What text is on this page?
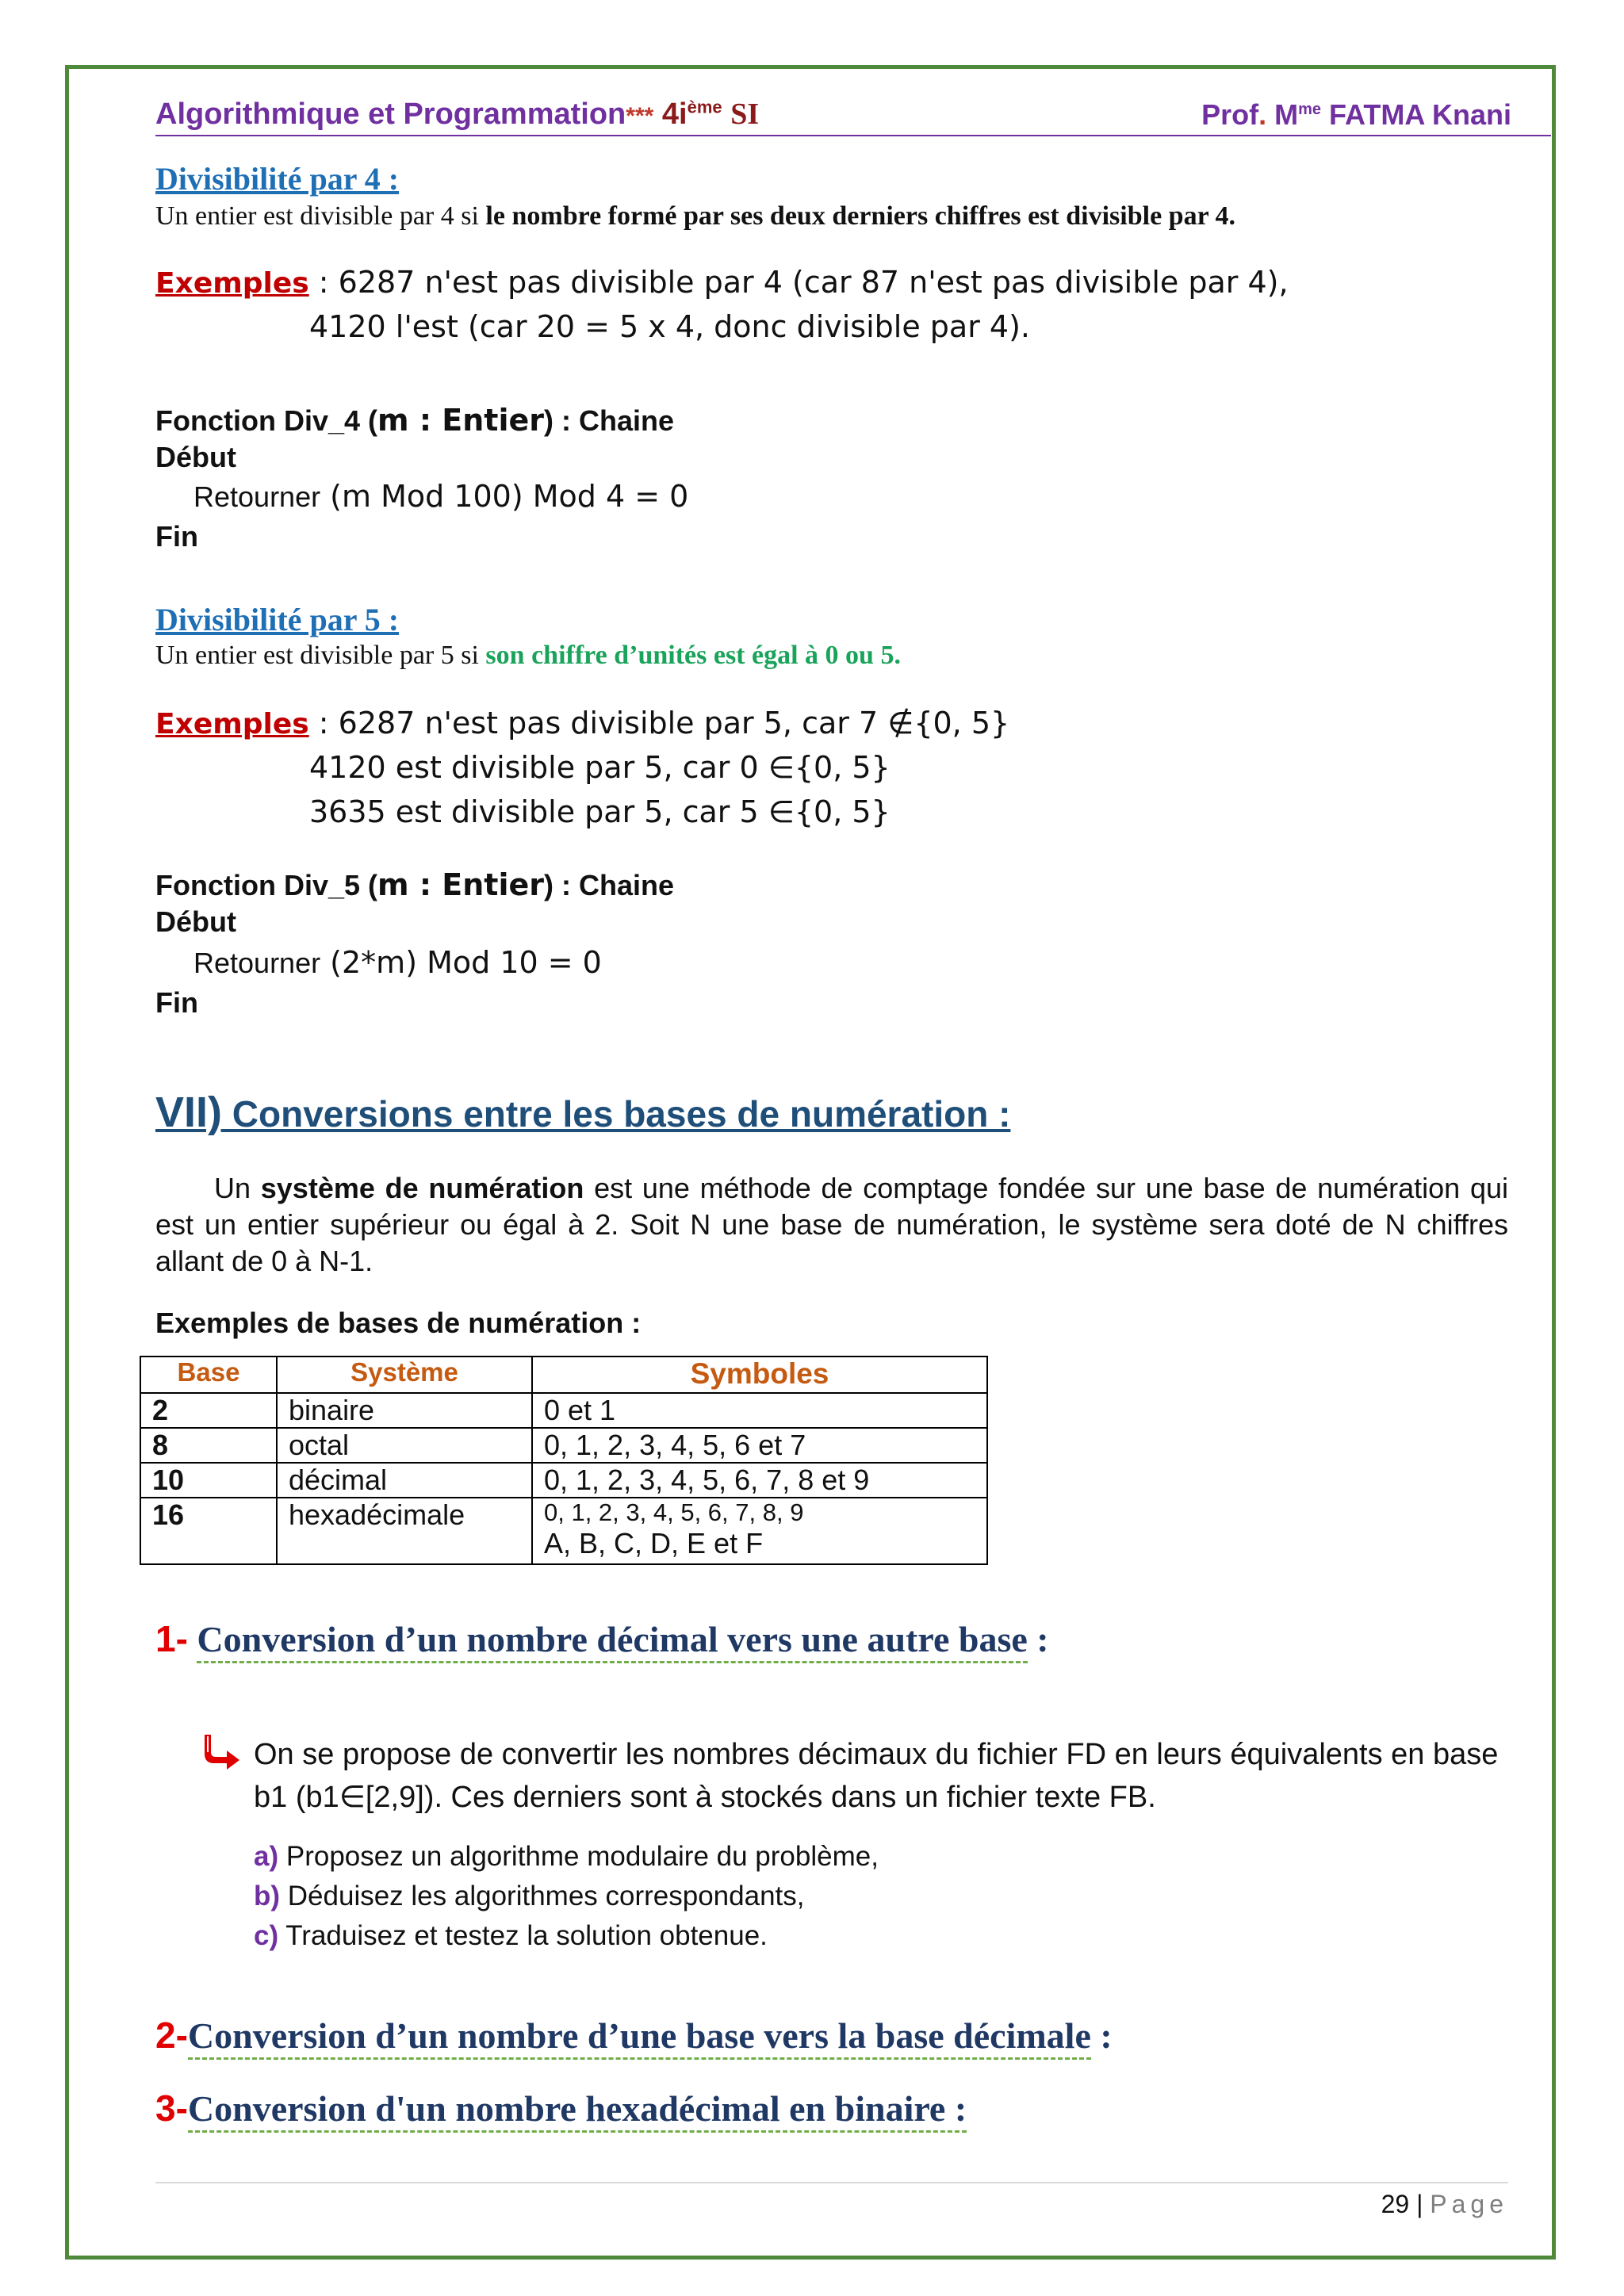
Algorithmique et Programmation*** $4i^{ème}$ SI	Prof. $M^{me}$ FATMA Knani
Divisibilité par 4 :
Un entier est divisible par 4 si le nombre formé par ses deux derniers chiffres est divisible par 4.
Exemples : 6287 n'est pas divisible par 4 (car 87 n'est pas divisible par 4),
4120 l'est (car 20 = 5 x 4, donc divisible par 4).
Fonction Div_4 (m : Entier) : Chaine
Début
Retourner (m Mod 100) Mod 4 = 0
Fin
Divisibilité par 5 :
Un entier est divisible par 5 si son chiffre d’unités est égal à 0 ou 5.
Exemples : 6287 n'est pas divisible par 5, car 7 ∉{0, 5}
4120 est divisible par 5, car 0 ∈{0, 5}
3635 est divisible par 5, car 5 ∈{0, 5}
Fonction Div_5 (m : Entier) : Chaine
Début
Retourner (2*m) Mod 10 = 0
Fin
VII) Conversions entre les bases de numération :
Un système de numération est une méthode de comptage fondée sur une base de numération qui est un entier supérieur ou égal à 2. Soit N une base de numération, le système sera doté de N chiffres allant de 0 à N-1.
Exemples de bases de numération :
Base	Système	Symboles
2	binaire	0 et 1
8	octal	0, 1, 2, 3, 4, 5, 6 et 7
10	décimal	0, 1, 2, 3, 4, 5, 6, 7, 8 et 9
16	hexadécimale	0, 1, 2, 3, 4, 5, 6, 7, 8, 9
A, B, C, D, E et F
1- Conversion d’un nombre décimal vers une autre base :
On se propose de convertir les nombres décimaux du fichier FD en leurs équivalents en base b1 (b1∈[2,9]). Ces derniers sont à stockés dans un fichier texte FB.
a) Proposez un algorithme modulaire du problème,
b) Déduisez les algorithmes correspondants,
c) Traduisez et testez la solution obtenue.
2-Conversion d’un nombre d’une base vers la base décimale :
3-Conversion d'un nombre hexadécimal en binaire :
29 | Page
